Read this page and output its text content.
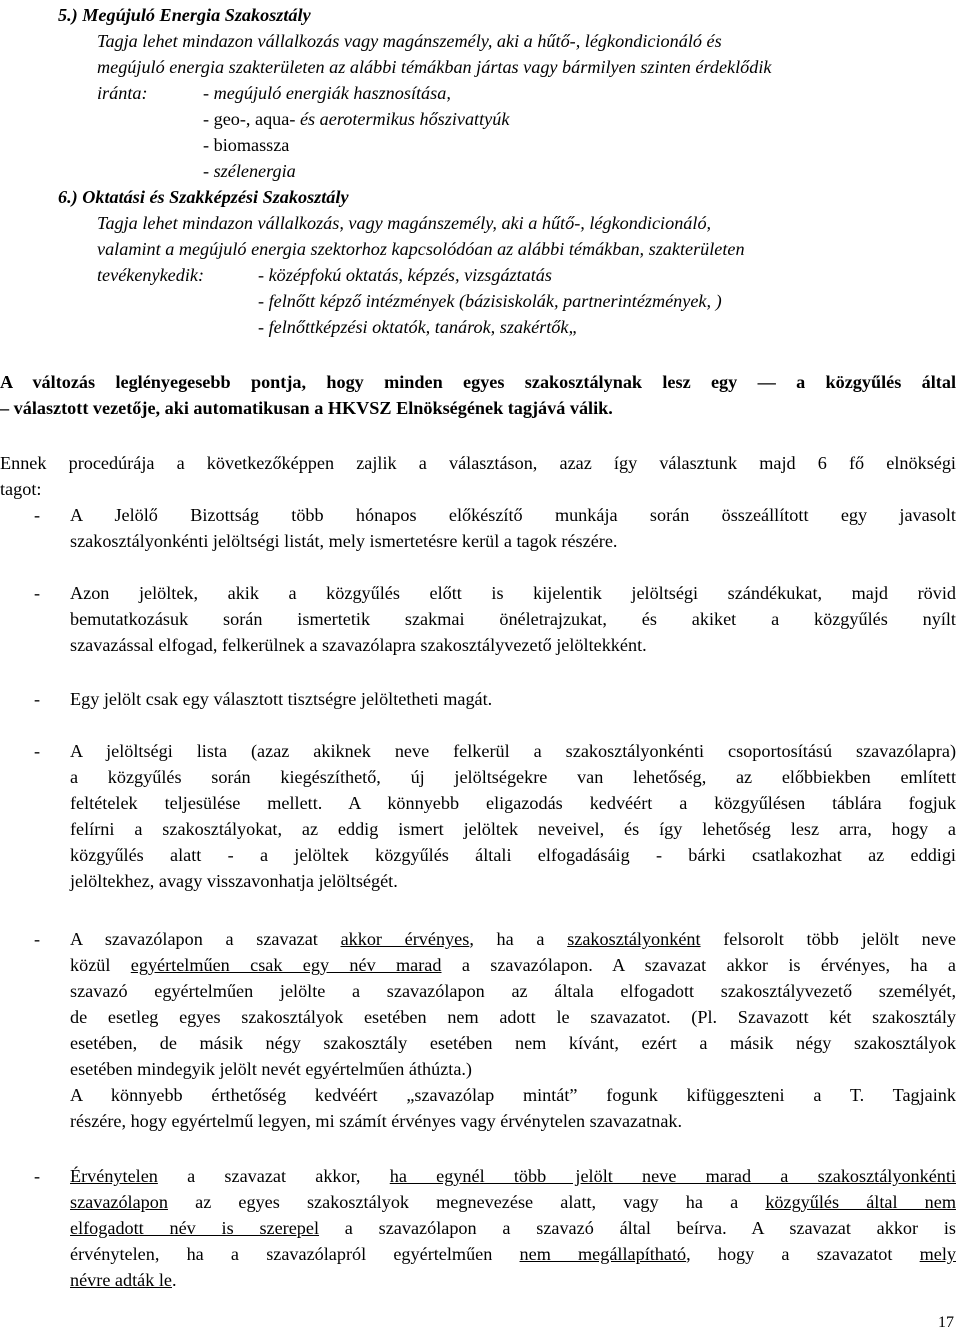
5.) Megújuló Energia Szakosztály
Tagja lehet mindazon vállalkozás vagy magánszemély, aki a hűtő-, légkondicionáló és
megújuló energia szakterületen az alábbi témákban jártas vagy bármilyen szinten érdeklődik
iránta:	- megújuló energiák hasznosítása,
- geo-, aqua- és aerotermikus hőszivattyúk
- biomassza
- szélenergia
6.) Oktatási és Szakképzési Szakosztály
Tagja lehet mindazon vállalkozás, vagy magánszemély, aki a hűtő-, légkondicionáló,
valamint a megújuló energia szektorhoz kapcsolódóan az alábbi témákban, szakterületen
tevékenykedik:	- középfokú oktatás, képzés, vizsgáztatás
- felnőtt képző intézmények (bázisiskolák, partnerintézmények, )
- felnőttképzési oktatók, tanárok, szakértők„
A változás leglényegesebb pontja, hogy minden egyes szakosztálynak lesz egy — a közgyűlés által
– választott vezetője, aki automatikusan a HKVSZ Elnökségének tagjává válik.
Ennek procedúrája a következőképpen zajlik a választáson, azaz így választunk majd 6 fő elnökségi
tagot:
- A Jelölő Bizottság több hónapos előkészítő munkája során összeállított egy javasolt
szakosztályonkénti jelöltségi listát, mely ismertetésre kerül a tagok részére.
- Azon jelöltek, akik a közgyűlés előtt is kijelentik jelöltségi szándékukat, majd rövid
bemutatkozásuk során ismertetik szakmai önéletrajzukat, és akiket a közgyűlés nyílt
szavazással elfogad, felkerülnek a szavazólapra szakosztályvezető jelöltekként.
- Egy jelölt csak egy választott tisztségre jelöltetheti magát.
- A jelöltségi lista (azaz akiknek neve felkerül a szakosztályonkénti csoportosítású szavazólapra)
a közgyűlés során kiegészíthető, új jelöltségekre van lehetőség, az előbbiekben említett
feltételek teljesülése mellett. A könnyebb eligazodás kedvéért a közgyűlésen táblára fogjuk
felírni a szakosztályokat, az eddig ismert jelöltek neveivel, és így lehetőség lesz arra, hogy a
közgyűlés alatt - a jelöltek közgyűlés általi elfogadásáig - bárki csatlakozhat az eddigi
jelöltekhez, avagy visszavonhatja jelöltségét.
- A szavazólapon a szavazat akkor érvényes, ha a szakosztályonként felsorolt több jelölt neve
közül egyértelműen csak egy név marad a szavazólapon. A szavazat akkor is érvényes, ha a
szavazó egyértelműen jelölte a szavazólapon az általa elfogadott szakosztályvezető személyét,
de esetleg egyes szakosztályok esetében nem adott le szavazatot. (Pl. Szavazott két szakosztály
esetében, de másik négy szakosztály esetében nem kívánt, ezért a másik négy szakosztályok
esetében mindegyik jelölt nevét egyértelműen áthúzta.)
A könnyebb érthetőség kedvéért „szavazólap mintát” fogunk kifüggeszteni a T. Tagjaink
részére, hogy egyértelmű legyen, mi számít érvényes vagy érvénytelen szavazatnak.
- Érvénytelen a szavazat akkor, ha egynél több jelölt neve marad a szakosztályonkénti
szavazólapon az egyes szakosztályok megnevezése alatt, vagy ha a közgyűlés által nem
elfogadott név is szerepel a szavazólapon a szavazó által beírva. A szavazat akkor is
érvénytelen, ha a szavazólapról egyértelműen nem megállapítható, hogy a szavazatot mely
névre adták le.
17
